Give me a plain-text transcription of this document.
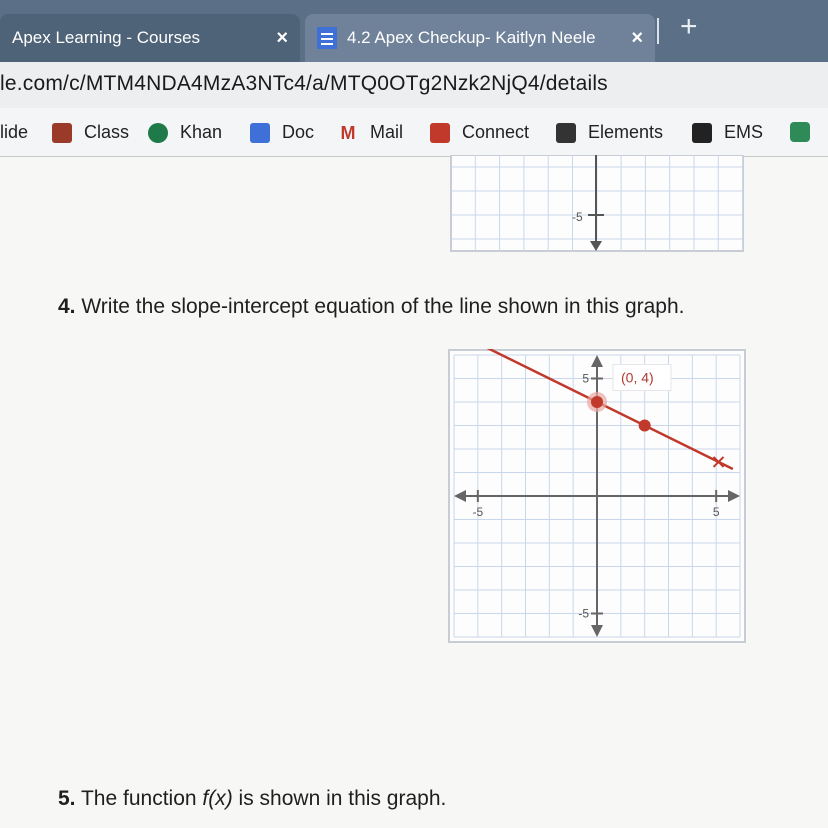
Apex Learning - Courses	×	4.2 Apex Checkup- Kaitlyn Neele × +
le.com/c/MTM4NDA4MzA3NTc4/a/MTQ0OTg2Nzk2NjQ4/details
lide	Class	Khan	Doc M Mail	Connect	Elements	EMS
-5
4. Write the slope-intercept equation of the line shown in this graph.
-5	5
5
-5
(0, 4)
5. The function f(x) is shown in this graph.
